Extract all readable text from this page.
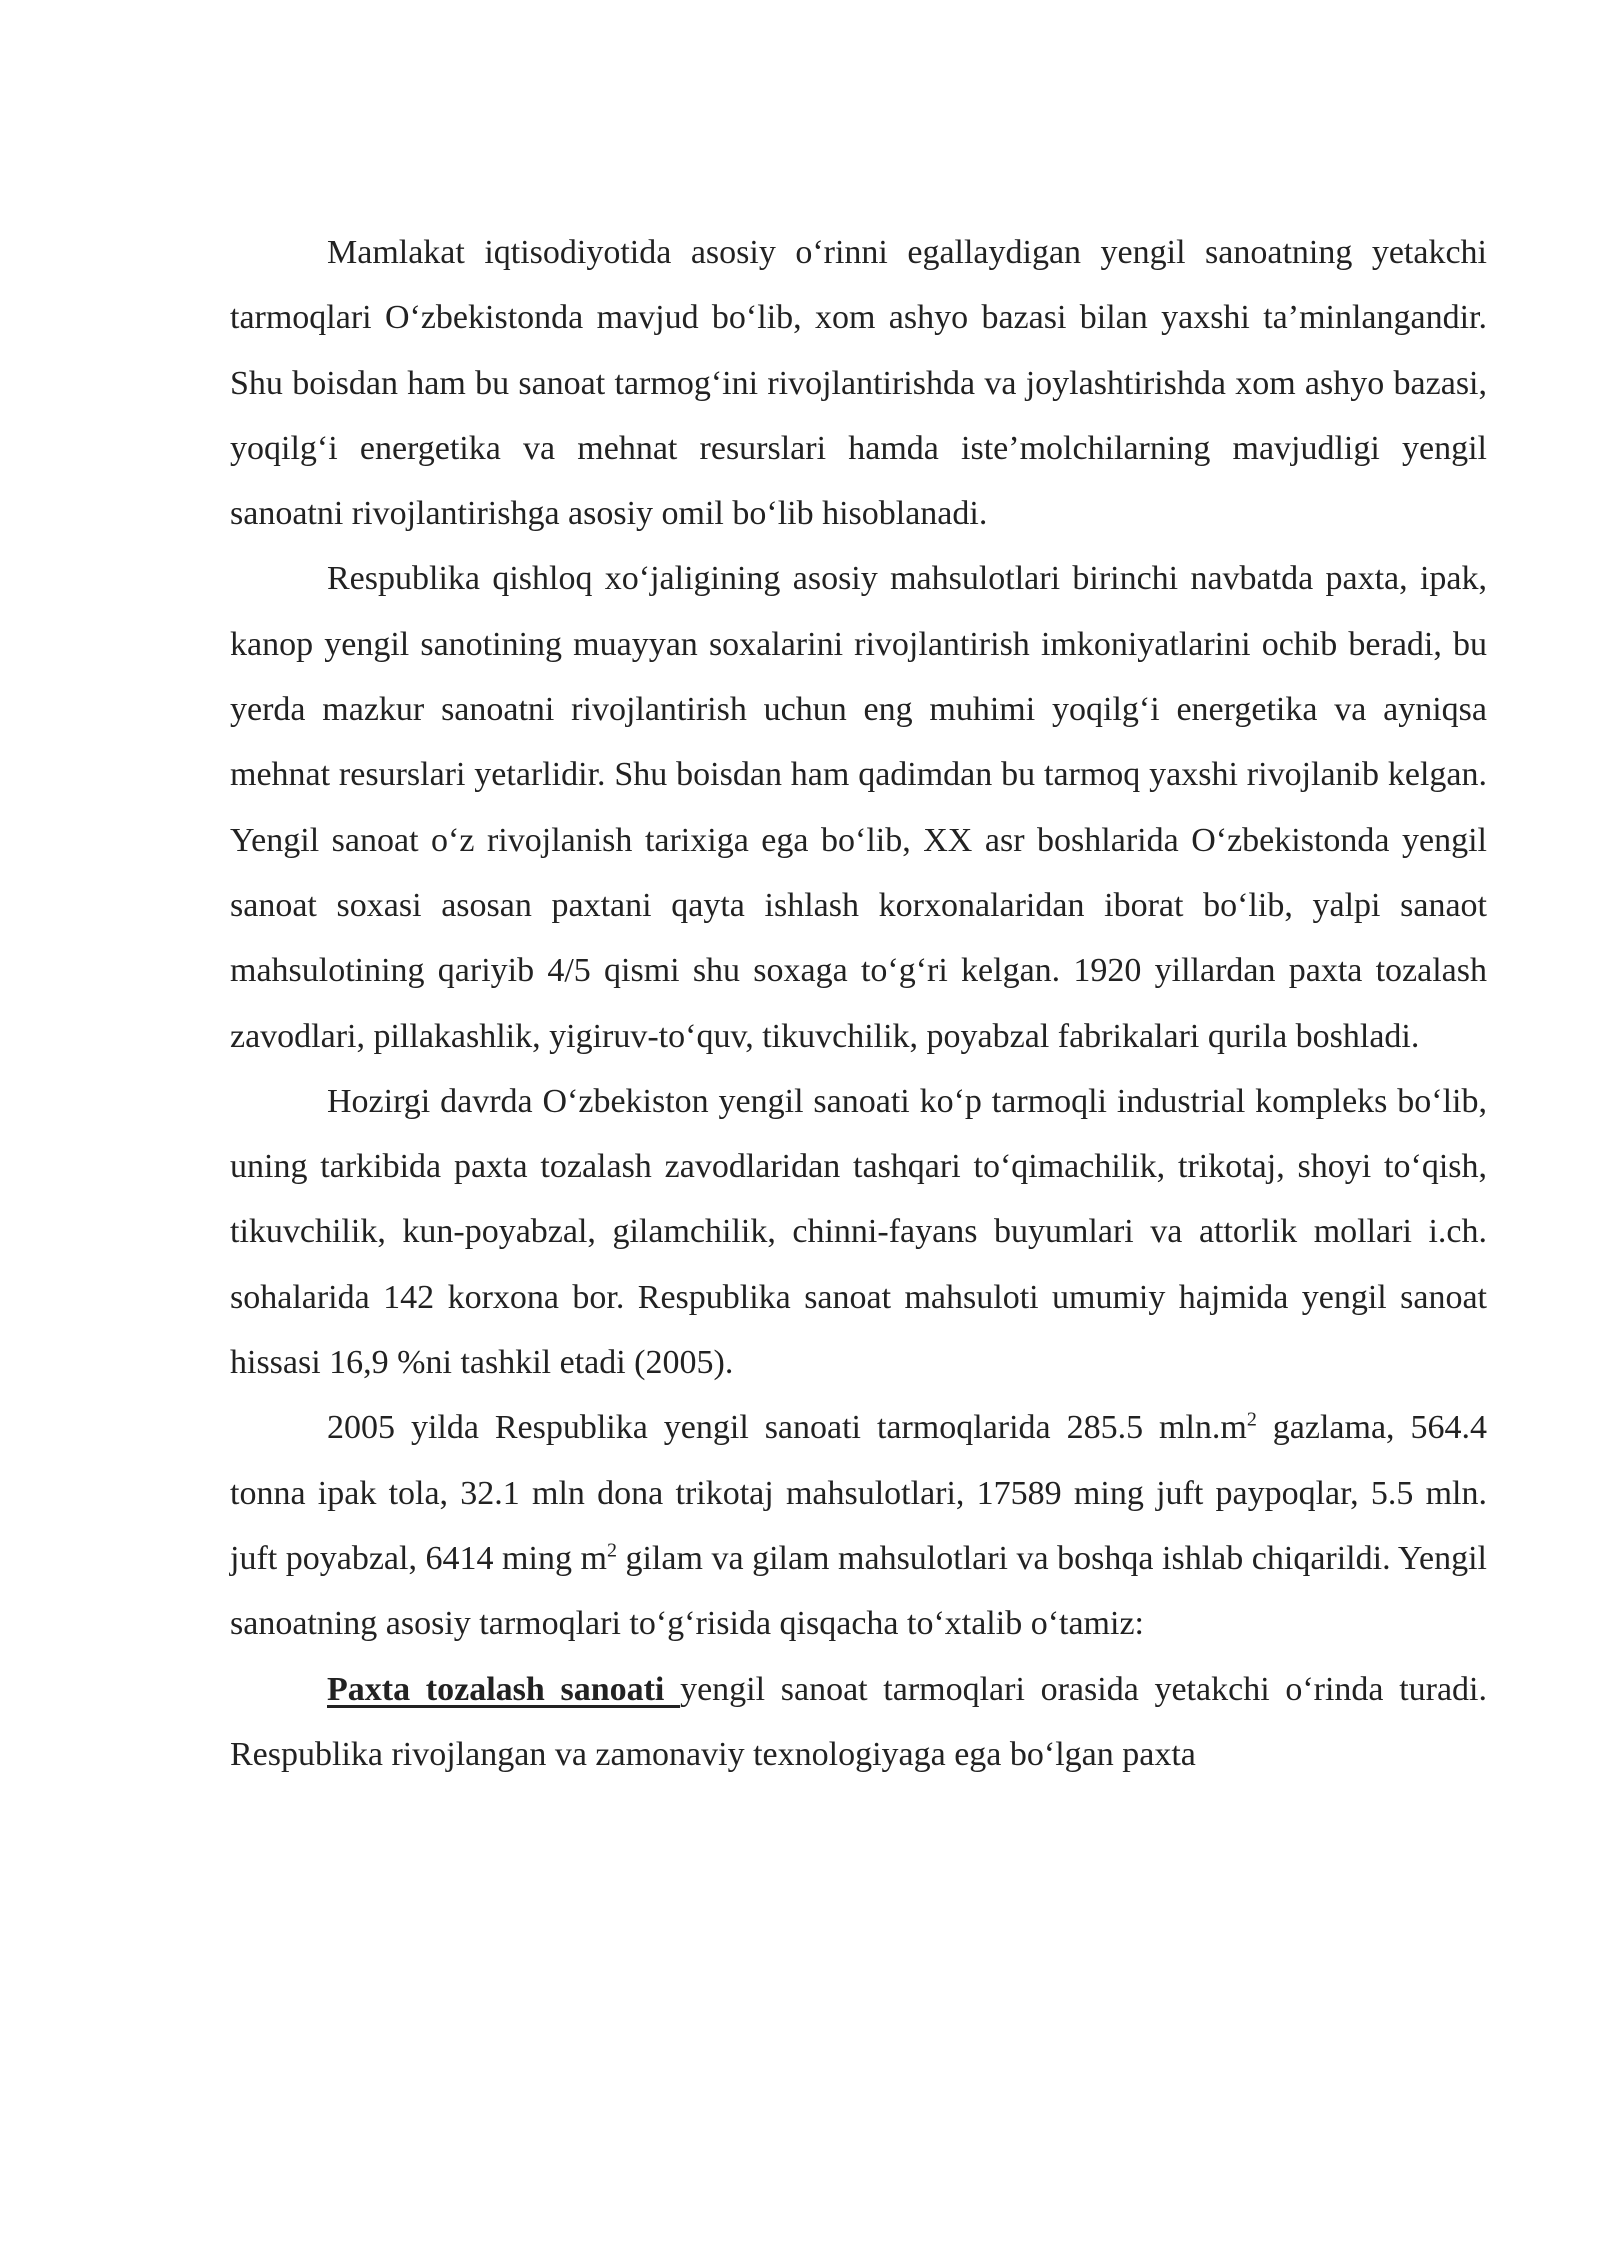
Mamlakat iqtisodiyotida asosiy o‘rinni egallaydigan yengil sanoatning yetakchi tarmoqlari O‘zbekistonda mavjud bo‘lib, xom ashyo bazasi bilan yaxshi ta’minlangandir. Shu boisdan ham bu sanoat tarmog‘ini rivojlantirishda va joylashtirishda xom ashyo bazasi, yoqilg‘i energetika va mehnat resurslari hamda iste’molchilarning mavjudligi yengil sanoatni rivojlantirishga asosiy omil bo‘lib hisoblanadi.

Respublika qishloq xo‘jaligining asosiy mahsulotlari birinchi navbatda paxta, ipak, kanop yengil sanotining muayyan soxalarini rivojlantirish imkoniyatlarini ochib beradi, bu yerda mazkur sanoatni rivojlantirish uchun eng muhimi yoqilg‘i energetika va ayniqsa mehnat resurslari yetarlidir. Shu boisdan ham qadimdan bu tarmoq yaxshi rivojlanib kelgan. Yengil sanoat o‘z rivojlanish tarixiga ega bo‘lib, XX asr boshlarida O‘zbekistonda yengil sanoat soxasi asosan paxtani qayta ishlash korxonalaridan iborat bo‘lib, yalpi sanaot mahsulotining qariyib 4/5 qismi shu soxaga to‘g‘ri kelgan. 1920 yillardan paxta tozalash zavodlari, pillakashlik, yigiruv-to‘quv, tikuvchilik, poyabzal fabrikalari qurila boshladi.

Hozirgi davrda O‘zbekiston yengil sanoati ko‘p tarmoqli industrial kompleks bo‘lib, uning tarkibida paxta tozalash zavodlaridan tashqari to‘qimachilik, trikotaj, shoyi to‘qish, tikuvchilik, kun-poyabzal, gilamchilik, chinni-fayans buyumlari va attorlik mollari i.ch. sohalarida 142 korxona bor. Respublika sanoat mahsuloti umumiy hajmida yengil sanoat hissasi 16,9 %ni tashkil etadi (2005).

2005 yilda Respublika yengil sanoati tarmoqlarida 285.5 $mln.m^2$ gazlama, 564.4 tonna ipak tola, 32.1 mln dona trikotaj mahsulotlari, 17589 ming juft paypoqlar, 5.5 mln. juft poyabzal, 6414 ming $m^2$ gilam va gilam mahsulotlari va boshqa ishlab chiqarildi. Yengil sanoatning asosiy tarmoqlari to‘g‘risida qisqacha to‘xtalib o‘tamiz:

Paxta tozalash sanoati yengil sanoat tarmoqlari orasida yetakchi o‘rinda turadi. Respublika rivojlangan va zamonaviy texnologiyaga ega bo‘lgan paxta
